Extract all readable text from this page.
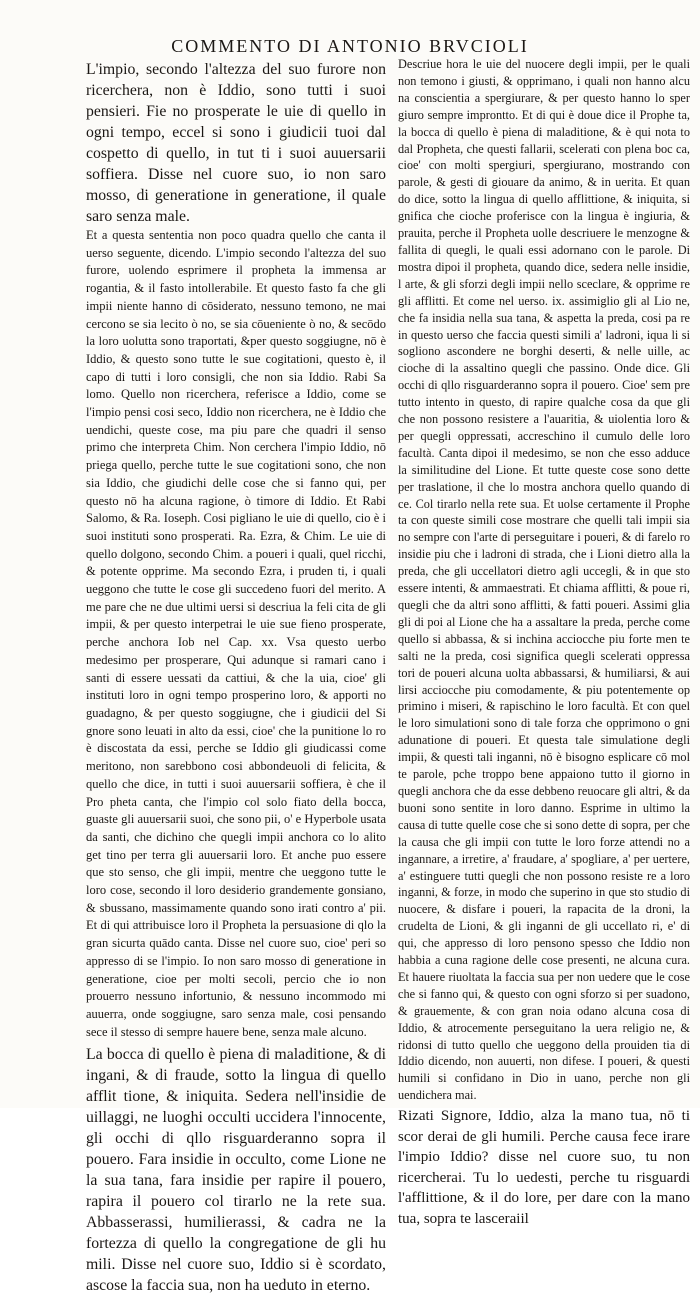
COMMENTO DI ANTONIO BRVCIOLI

L'impio, secondo l'altezza del suo furore non ricerchera, non è Iddio, sono tutti i suoi pensieri. Fie no prosperate le uie di quello in ogni tempo, eccel si sono i giudicii tuoi dal cospetto di quello, in tut ti i suoi auuersarii soffiera. Disse nel cuore suo, io non saro mosso, di generatione in generatione, il quale saro senza male.

Et a questa sententia non poco quadra quello che canta il uerso seguente, dicendo. L'impio secondo l'altezza del suo furore, uolendo esprimere il propheta la immensa ar rogantia, & il fasto intollerabile. Et questo fasto fa che gli impii niente hanno di cōsiderato, nessuno temono, ne mai cercono se sia lecito ò no, se sia cōueniente ò no, & secōdo la loro uolutta sono traportati, &per questo soggiugne, nō è Iddio, & questo sono tutte le sue cogitationi, questo è, il capo di tutti i loro consigli, che non sia Iddio. Rabi Sa lomo. Quello non ricerchera, referisce a Iddio, come se l'impio pensi cosi seco, Iddio non ricerchera, ne è Iddio che uendichi, queste cose, ma piu pare che quadri il senso primo che interpreta Chim. Non cerchera l'impio Iddio, nō priega quello, perche tutte le sue cogitationi sono, che non sia Iddio, che giudichi delle cose che si fanno qui, per questo nō ha alcuna ragione, ò timore di Iddio. Et Rabi Salomo, & Ra. Ioseph. Cosi pigliano le uie di quello, cio è i suoi instituti sono prosperati. Ra. Ezra, & Chim. Le uie di quello dolgono, secondo Chim. a poueri i quali, quel ricchi, & potente opprime. Ma secondo Ezra, i pruden ti, i quali ueggono che tutte le cose gli succedeno fuori del merito. A me pare che ne due ultimi uersi si descriua la feli cita de gli impii, & per questo interpetrai le uie sue fieno prosperate, perche anchora Iob nel Cap. xx. Vsa questo uerbo medesimo per prosperare, Qui adunque si ramari cano i santi di essere uessati da cattiui, & che la uia, cioe' gli instituti loro in ogni tempo prosperino loro, & apporti no guadagno, & per questo soggiugne, che i giudicii del Si gnore sono leuati in alto da essi, cioe' che la punitione lo ro è discostata da essi, perche se Iddio gli giudicassi come meritono, non sarebbono cosi abbondeuoli di felicita, & quello che dice, in tutti i suoi auuersarii soffiera, è che il Pro pheta canta, che l'impio col solo fiato della bocca, guaste gli auuersarii suoi, che sono pii, o' e Hyperbole usata da santi, che dichino che quegli impii anchora co lo alito get tino per terra gli auuersarii loro. Et anche puo essere que sto senso, che gli impii, mentre che ueggono tutte le loro cose, secondo il loro desiderio grandemente gonsiano, & sbussano, massimamente quando sono irati contro a' pii. Et di qui attribuisce loro il Propheta la persuasione di qlo la gran sicurta quādo canta. Disse nel cuore suo, cioe' peri so appresso di se l'impio. Io non saro mosso di generatione in generatione, cioe per molti secoli, percio che io non prouerro nessuno infortunio, & nessuno incommodo mi auuerra, onde soggiugne, saro senza male, cosi pensando sece il stesso di sempre hauere bene, senza male alcuno.

La bocca di quello è piena di maladitione, & di ingani, & di fraude, sotto la lingua di quello afflit tione, & iniquita. Sedera nell'insidie de uillaggi, ne luoghi occulti uccidera l'innocente, gli occhi di qllo risguarderanno sopra il pouero. Fara insidie in occulto, come Lione ne la sua tana, fara insidie per rapire il pouero, rapira il pouero col tirarlo ne la rete sua. Abbasserassi, humilierassi, & cadra ne la fortezza di quello la congregatione de gli hu mili. Disse nel cuore suo, Iddio si è scordato, ascose la faccia sua, non ha ueduto in eterno.

Descriue hora le uie del nuocere degli impii, per le quali non temono i giusti, & opprimano, i quali non hanno alcu na conscientia a spergiurare, & per questo hanno lo sper giuro sempre improntto. Et di qui è doue dice il Prophe ta, la bocca di quello è piena di maladitione, & è qui nota to dal Propheta, che questi fallarii, scelerati con plena boc ca, cioe' con molti spergiuri, spergiurano, mostrando con parole, & gesti di giouare da animo, & in uerita. Et quan do dice, sotto la lingua di quello afflittione, & iniquita, si gnifica che cioche proferisce con la lingua è ingiuria, & prauita, perche il Propheta uolle descriuere le menzogne & fallita di quegli, le quali essi adornano con le parole. Di mostra dipoi il propheta, quando dice, sedera nelle insidie, l arte, & gli sforzi degli impii nello sceclare, & opprime re gli afflitti. Et come nel uerso. ix. assimiglio gli al Lio ne, che fa insidia nella sua tana, & aspetta la preda, cosi pa re in questo uerso che faccia questi simili a' ladroni, iqua li si sogliono ascondere ne borghi deserti, & nelle uille, ac cioche di la assaltino quegli che passino. Onde dice. Gli occhi di qllo risguarderanno sopra il pouero. Cioe' sem pre tutto intento in questo, di rapire qualche cosa da que gli che non possono resistere a l'auaritia, & uiolentia loro & per quegli oppressati, accreschino il cumulo delle loro facultà. Canta dipoi il medesimo, se non che esso adduce la similitudine del Lione. Et tutte queste cose sono dette per traslatione, il che lo mostra anchora quello quando di ce. Col tirarlo nella rete sua. Et uolse certamente il Prophe ta con queste simili cose mostrare che quelli tali impii sia no sempre con l'arte di perseguitare i poueri, & di farelo ro insidie piu che i ladroni di strada, che i Lioni dietro alla la preda, che gli uccellatori dietro agli uccegli, & in que sto essere intenti, & ammaestrati. Et chiama afflitti, & poue ri, quegli che da altri sono afflitti, & fatti poueri. Assimi glia gli di poi al Lione che ha a assaltare la preda, perche come quello si abbassa, & si inchina acciocche piu forte men te salti ne la preda, cosi significa quegli scelerati oppressa tori de poueri alcuna uolta abbassarsi, & humiliarsi, & aui lirsi acciocche piu comodamente, & piu potentemente op primino i miseri, & rapischino le loro facultà. Et con quel le loro simulationi sono di tale forza che opprimono o gni adunatione di poueri. Et questa tale simulatione degli impii, & questi tali inganni, nō è bisogno esplicare cō mol te parole, pche troppo bene appaiono tutto il giorno in quegli anchora che da esse debbeno reuocare gli altri, & da buoni sono sentite in loro danno. Esprime in ultimo la causa di tutte quelle cose che si sono dette di sopra, per che la causa che gli impii con tutte le loro forze attendi no a ingannare, a irretire, a' fraudare, a' spogliare, a' per uertere, a' estinguere tutti quegli che non possono resiste re a loro inganni, & forze, in modo che superino in que sto studio di nuocere, & disfare i poueri, la rapacita de la droni, la crudelta de Lioni, & gli inganni de gli uccellato ri, e' di qui, che appresso di loro pensono spesso che Iddio non habbia a cuna ragione delle cose presenti, ne alcuna cura. Et hauere riuoltata la faccia sua per non uedere que le cose che si fanno qui, & questo con ogni sforzo si per suadono, & grauemente, & con gran noia odano alcuna cosa di Iddio, & atrocemente perseguitano la uera religio ne, & ridonsi di tutto quello che ueggono della prouiden tia di Iddio dicendo, non auuerti, non difese. I poueri, & questi humili si confidano in Dio in uano, perche non gli uendichera mai.

Rizati Signore, Iddio, alza la mano tua, nō ti scor derai de gli humili. Perche causa fece irare l'impio Iddio? disse nel cuore suo, tu non ricercherai. Tu lo uedesti, perche tu risguardi l'afflittione, & il do lore, per dare con la mano tua, sopra te lasceraiil
